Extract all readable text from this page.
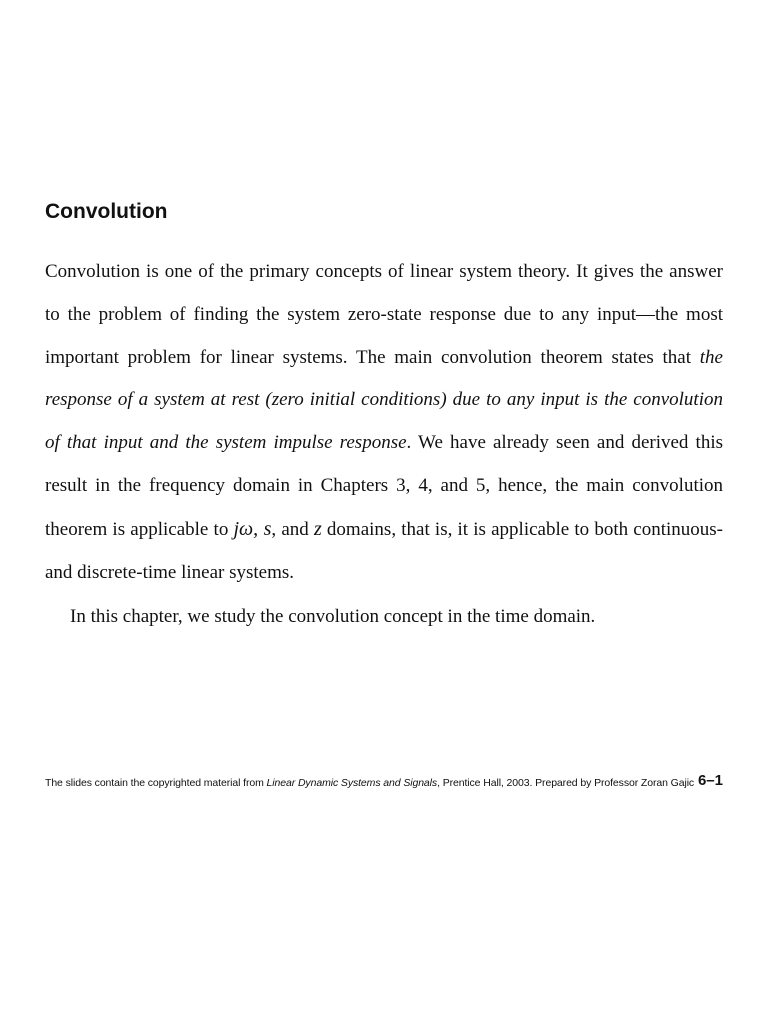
Convolution

Convolution is one of the primary concepts of linear system theory. It gives the answer to the problem of finding the system zero-state response due to any input—the most important problem for linear systems. The main convolution theorem states that the response of a system at rest (zero initial conditions) due to any input is the convolution of that input and the system impulse response. We have already seen and derived this result in the frequency domain in Chapters 3, 4, and 5, hence, the main convolution theorem is applicable to jω, s, and z domains, that is, it is applicable to both continuous- and discrete-time linear systems.

In this chapter, we study the convolution concept in the time domain.

The slides contain the copyrighted material from Linear Dynamic Systems and Signals, Prentice Hall, 2003. Prepared by Professor Zoran Gajic 6–1
